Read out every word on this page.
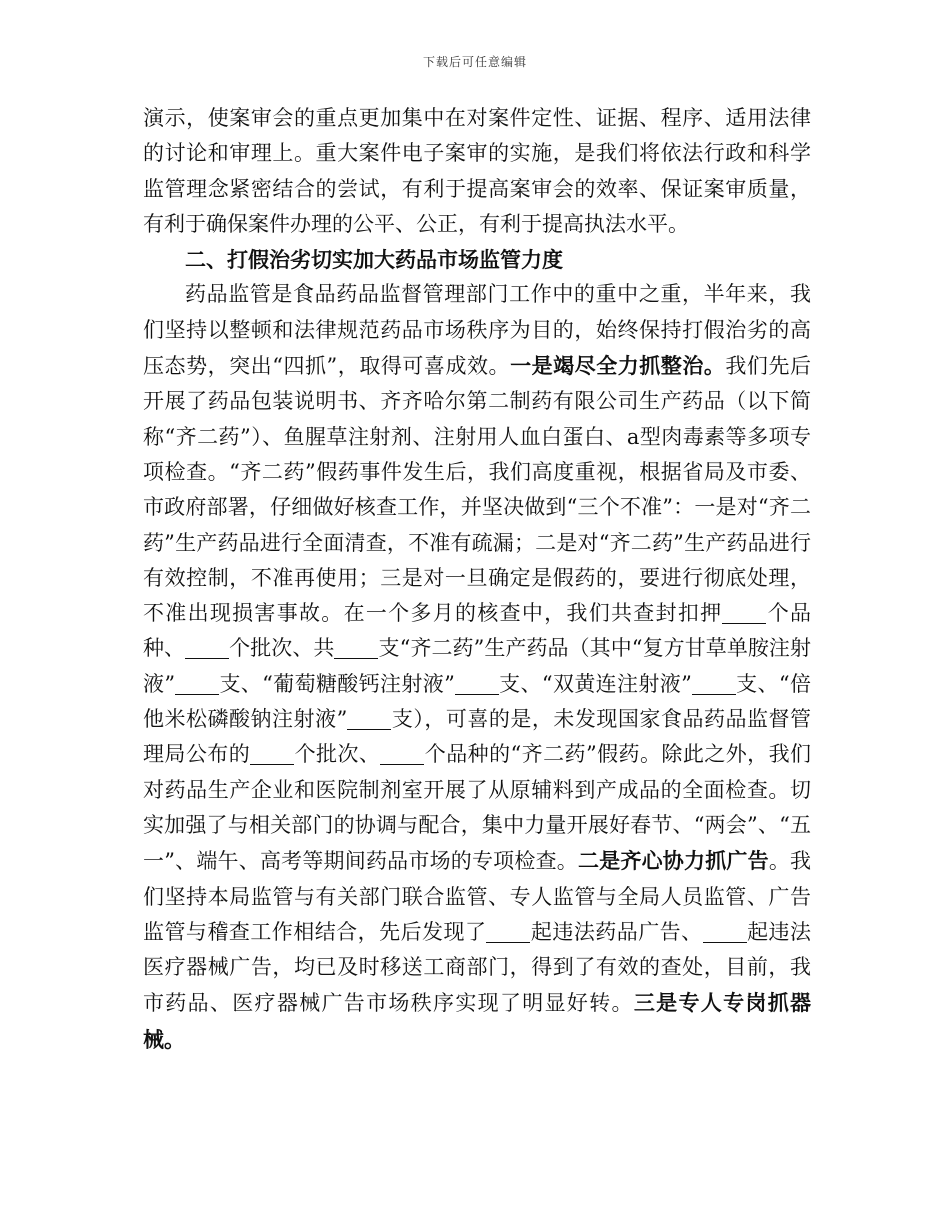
下载后可任意编辑

演示，使案审会的重点更加集中在对案件定性、证据、程序、适用法律的讨论和审理上。重大案件电子案审的实施，是我们将依法行政和科学监管理念紧密结合的尝试，有利于提高案审会的效率、保证案审质量，有利于确保案件办理的公平、公正，有利于提高执法水平。

二、打假治劣切实加大药品市场监管力度

药品监管是食品药品监督管理部门工作中的重中之重，半年来，我们坚持以整顿和法律规范药品市场秩序为目的，始终保持打假治劣的高压态势，突出“四抓”，取得可喜成效。一是竭尽全力抓整治。我们先后开展了药品包装说明书、齐齐哈尔第二制药有限公司生产药品（以下简称“齐二药”）、鱼腥草注射剂、注射用人血白蛋白、a型肉毒素等多项专项检查。“齐二药”假药事件发生后，我们高度重视，根据省局及市委、市政府部署，仔细做好核查工作，并坚决做到“三个不准”：一是对“齐二药”生产药品进行全面清查，不准有疏漏；二是对“齐二药”生产药品进行有效控制，不准再使用；三是对一旦确定是假药的，要进行彻底处理，不准出现损害事故。在一个多月的核查中，我们共查封扣押 个品种、 个批次、共 支“齐二药”生产药品（其中“复方甘草单胺注射液” 支、“葡萄糖酸钙注射液” 支、“双黄连注射液” 支、“倍他米松磷酸钠注射液” 支），可喜的是，未发现国家食品药品监督管理局公布的 个批次、 个品种的“齐二药”假药。除此之外，我们对药品生产企业和医院制剂室开展了从原辅料到产成品的全面检查。切实加强了与相关部门的协调与配合，集中力量开展好春节、“两会”、“五一”、端午、高考等期间药品市场的专项检查。二是齐心协力抓广告。我们坚持本局监管与有关部门联合监管、专人监管与全局人员监管、广告监管与稽查工作相结合，先后发现了 起违法药品广告、 起违法医疗器械广告，均已及时移送工商部门，得到了有效的查处，目前，我市药品、医疗器械广告市场秩序实现了明显好转。三是专人专岗抓器械。
